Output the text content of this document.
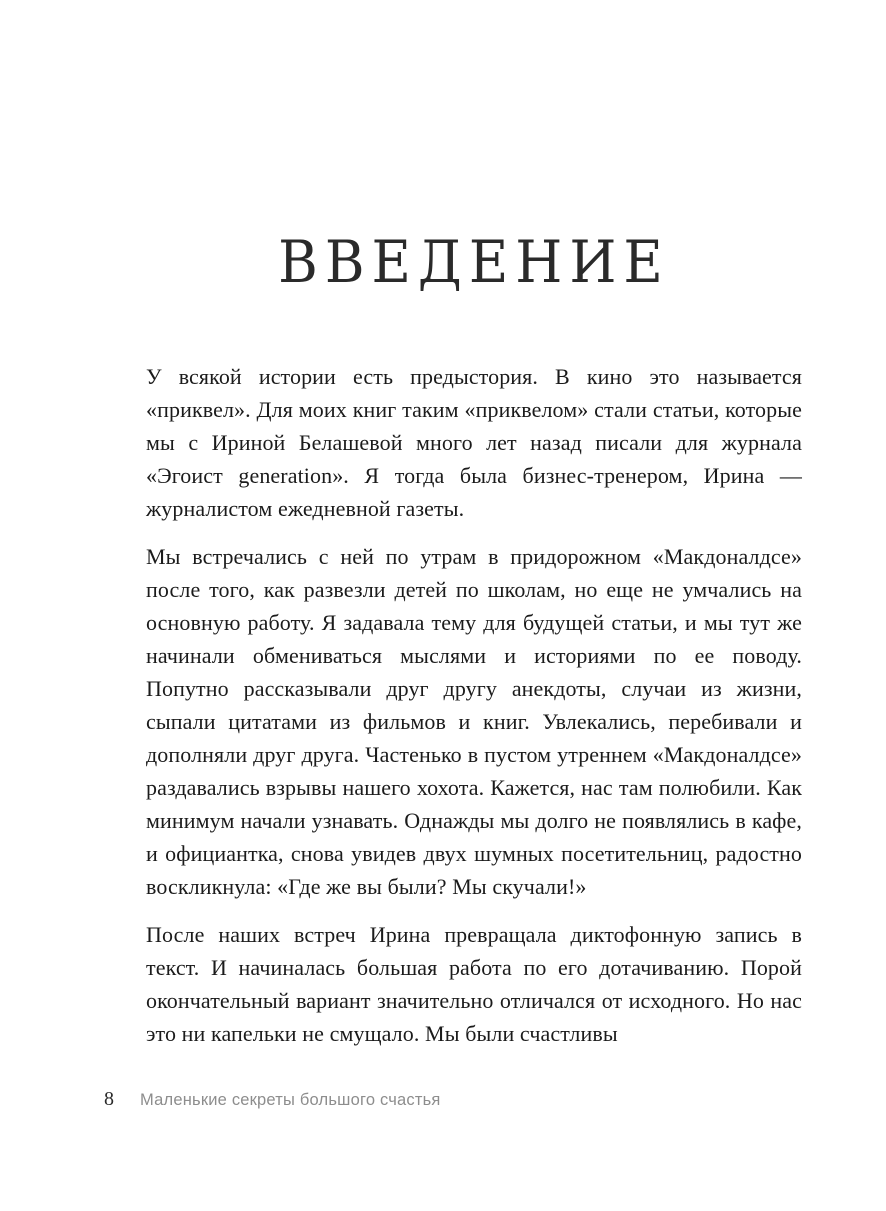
ВВЕДЕНИЕ

У всякой истории есть предыстория. В кино это называется «приквел». Для моих книг таким «приквелом» стали статьи, которые мы с Ириной Белашевой много лет назад писали для журнала «Эгоист generation». Я тогда была бизнес-тренером, Ирина — журналистом ежедневной газеты.

Мы встречались с ней по утрам в придорожном «Макдоналдсе» после того, как развезли детей по школам, но еще не умчались на основную работу. Я задавала тему для будущей статьи, и мы тут же начинали обмениваться мыслями и историями по ее поводу. Попутно рассказывали друг другу анекдоты, случаи из жизни, сыпали цитатами из фильмов и книг. Увлекались, перебивали и дополняли друг друга. Частенько в пустом утреннем «Макдоналдсе» раздавались взрывы нашего хохота. Кажется, нас там полюбили. Как минимум начали узнавать. Однажды мы долго не появлялись в кафе, и официантка, снова увидев двух шумных посетительниц, радостно воскликнула: «Где же вы были? Мы скучали!»

После наших встреч Ирина превращала диктофонную запись в текст. И начиналась большая работа по его дотачиванию. Порой окончательный вариант значительно отличался от исходного. Но нас это ни капельки не смущало. Мы были счастливы

8 Маленькие секреты большого счастья
